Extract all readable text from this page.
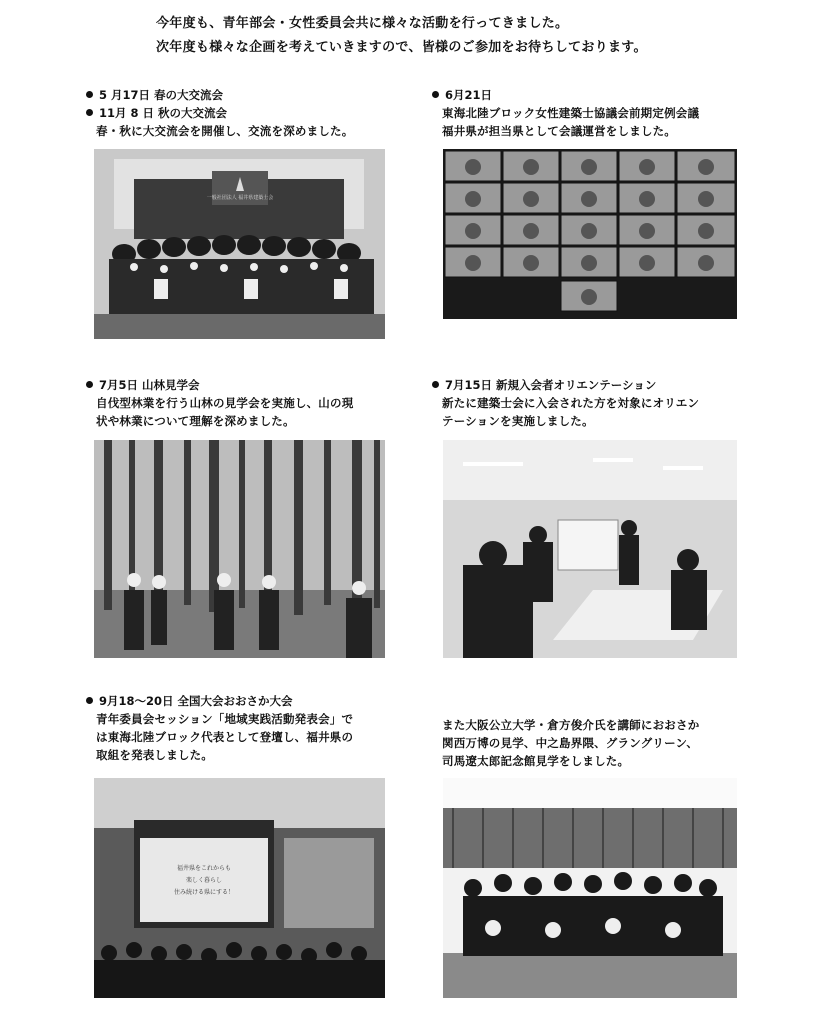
今年度も、青年部会・女性委員会共に様々な活動を行ってきました。
次年度も様々な企画を考えていきますので、皆様のご参加をお待ちしております。
5 月17日 春の大交流会
11月 8 日 秋の大交流会
春・秋に大交流会を開催し、交流を深めました。
一般社団法人 福井県建築士会
6月21日
東海北陸ブロック女性建築士協議会前期定例会議
福井県が担当県として会議運営をしました。
7月5日 山林見学会
自伐型林業を行う山林の見学会を実施し、山の現
状や林業について理解を深めました。
7月15日 新規入会者オリエンテーション
新たに建築士会に入会された方を対象にオリエン
テーションを実施しました。
9月18～20日 全国大会おおさか大会
青年委員会セッション「地域実践活動発表会」で
は東海北陸ブロック代表として登壇し、福井県の
取組を発表しました。
福井県をこれからも
楽しく暮らし
住み続ける県にする！
また大阪公立大学・倉方俊介氏を講師におおさか
関西万博の見学、中之島界隈、グラングリーン、
司馬遼太郎記念館見学をしました。
